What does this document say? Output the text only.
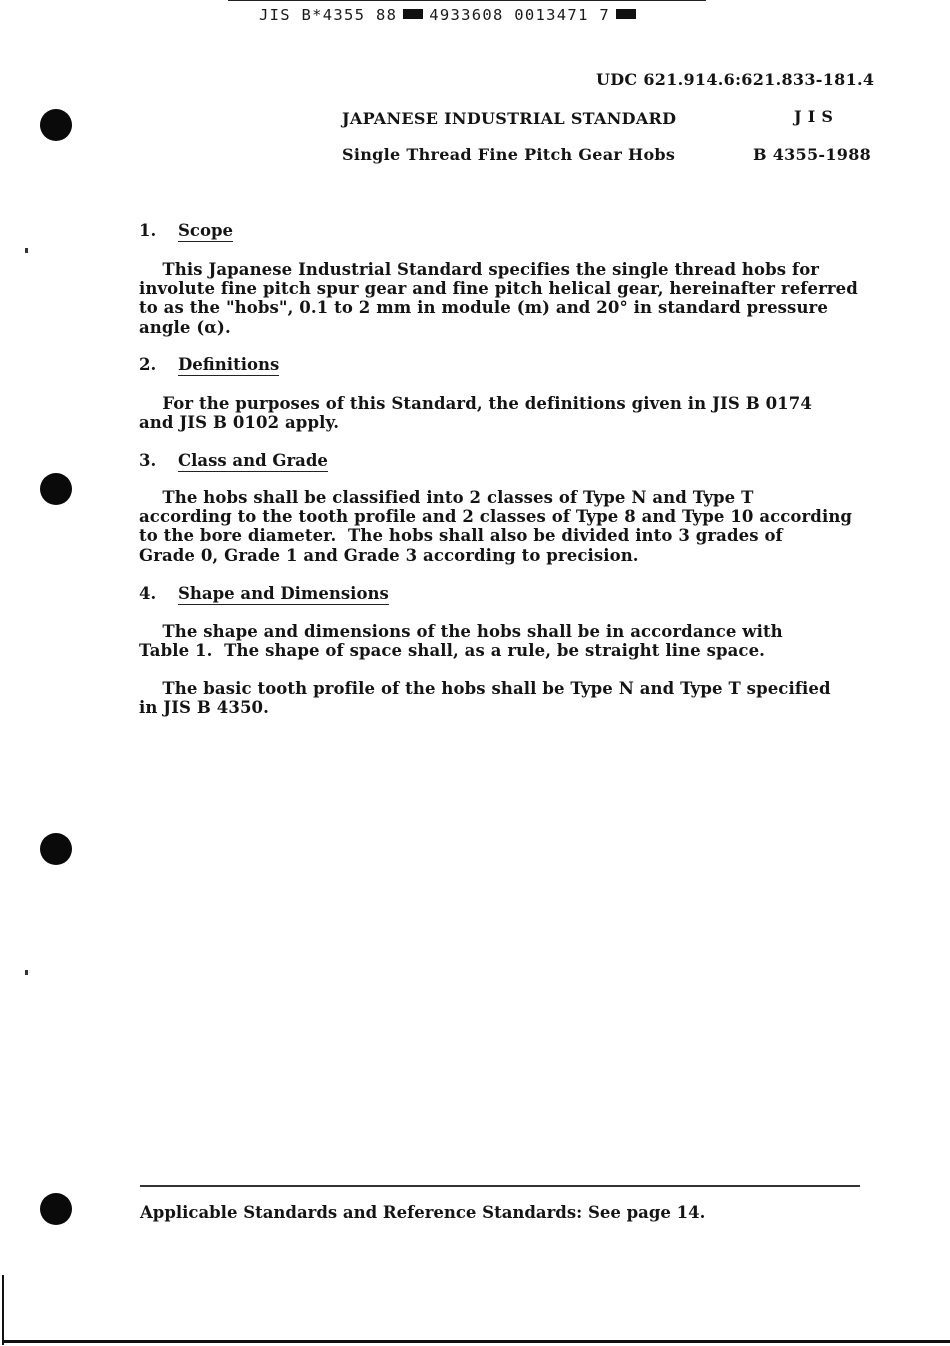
JIS B*4355 88 4933608 0013471 7
UDC 621.914.6:621.833-181.4
JAPANESE INDUSTRIAL STANDARD	J I S
Single Thread Fine Pitch Gear Hobs	B 4355-1988
1. Scope
This Japanese Industrial Standard specifies the single thread hobs for
involute fine pitch spur gear and fine pitch helical gear, hereinafter referred
to as the "hobs", 0.1 to 2 mm in module (m) and 20° in standard pressure
angle (α).
2. Definitions
For the purposes of this Standard, the definitions given in JIS B 0174
and JIS B 0102 apply.
3. Class and Grade
The hobs shall be classified into 2 classes of Type N and Type T
according to the tooth profile and 2 classes of Type 8 and Type 10 according
to the bore diameter.  The hobs shall also be divided into 3 grades of
Grade 0, Grade 1 and Grade 3 according to precision.
4. Shape and Dimensions
The shape and dimensions of the hobs shall be in accordance with
Table 1.  The shape of space shall, as a rule, be straight line space.
The basic tooth profile of the hobs shall be Type N and Type T specified
in JIS B 4350.
Applicable Standards and Reference Standards: See page 14.
